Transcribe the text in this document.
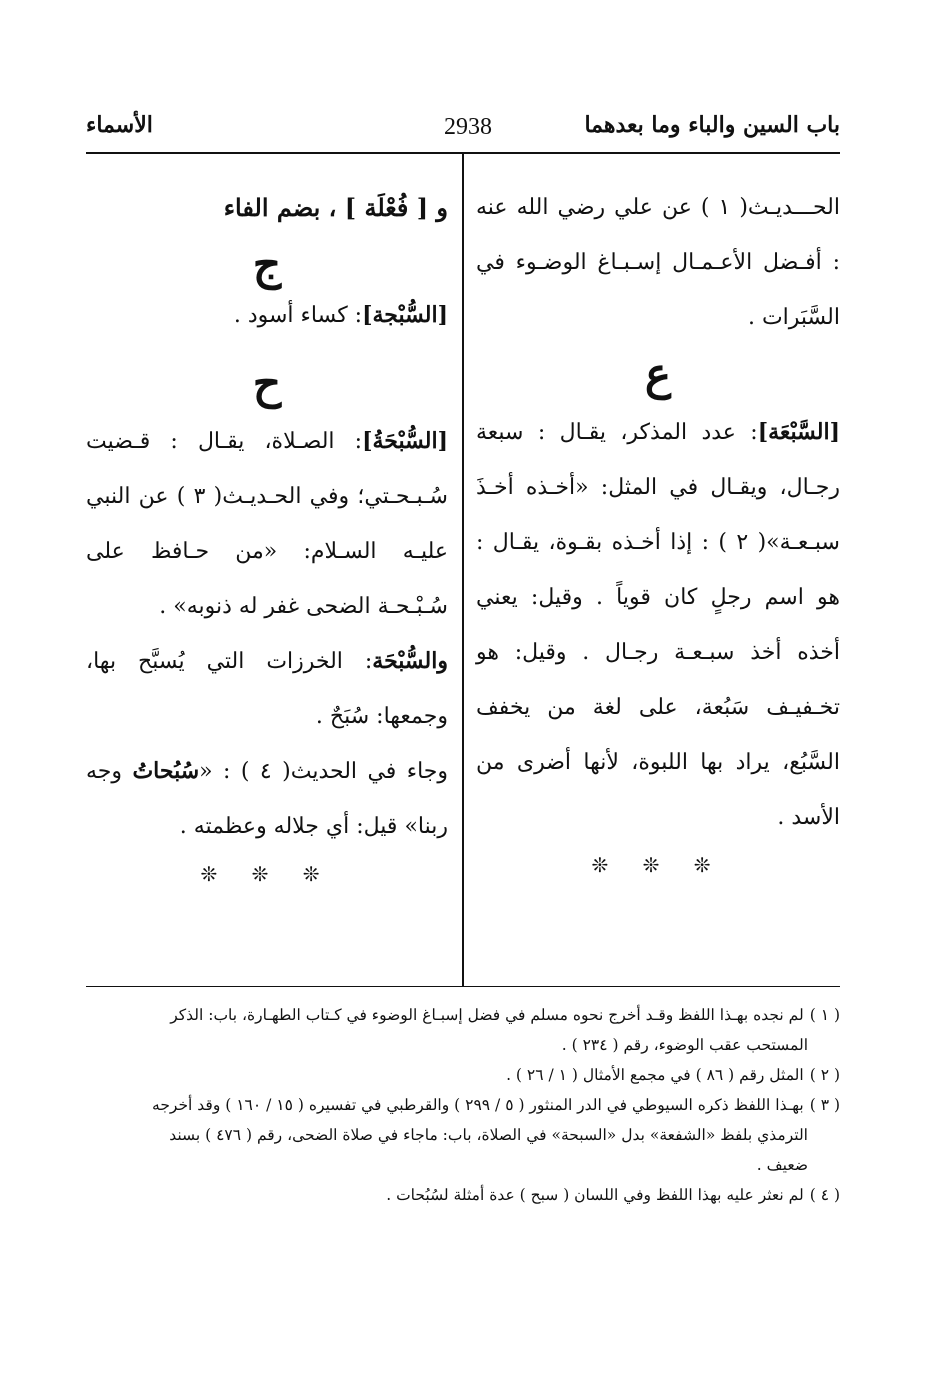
باب السين والباء وما بعدهما
2938
الأسماء

الحـــديـث( ١ ) عن علي رضي الله عنه : أفـضل الأعـمـال إسـبـاغ الوضـوء في السَّبَرات .

ع

[السَّبْعَة]: عدد المذكر، يقـال : سبعة رجـال، ويقـال في المثل: «أخـذه أخـذَ سبـعـة»( ٢ ) : إذا أخـذه بقـوة، يقـال : هو اسم رجلٍ كان قوياً . وقيل: يعني أخذه أخذ سبـعـة رجـال . وقيل: هو تخـفيـف سَبُعة، على لغة من يخفف السَّبُع، يراد بها اللبوة، لأنها أضرى من الأسد .

❊ ❊ ❊

و [ فُعْلَة ] ، بضم الفاء

ج

[السُّبْجة]: كساء أسود .

ح

[السُّبْحَةُ]: الصـلاة، يقـال : قـضيت سُـبـحـتي؛ وفي الحـديـث( ٣ ) عن النبي عليـه السـلام: «من حـافظ على سُـبْـحـة الضحى غفر له ذنوبه» .

والسُّبْحَة: الخرزات التي يُسبَّح بها، وجمعها: سُبَحٌ .

وجاء في الحديث( ٤ ) : «سُبُحاتُ وجه ربنا» قيل: أي جلاله وعظمته .

❊ ❊ ❊

( ١ )لم نجده بهـذا اللفظ وقـد أخرج نحوه مسلم في فضل إسبـاغ الوضوء في كـتاب الطهـارة، باب: الذكر

المستحب عقب الوضوء، رقم ( ٢٣٤ ) .

( ٢ )المثل رقم ( ٨٦ ) في مجمع الأمثال ( ١ / ٢٦ ) .

( ٣ )بهـذا اللفظ ذكره السيوطي في الدر المنثور ( ٥ / ٢٩٩ ) والقرطبي في تفسيره ( ١٥ / ١٦٠ ) وقد أخرجه

الترمذي بلفظ «الشفعة» بدل «السبحة» في الصلاة، باب: ماجاء في صلاة الضحى، رقم ( ٤٧٦ ) بسند

ضعيف .

( ٤ )لم نعثر عليه بهذا اللفظ وفي اللسان ( سبح ) عدة أمثلة لسُبُحات .
